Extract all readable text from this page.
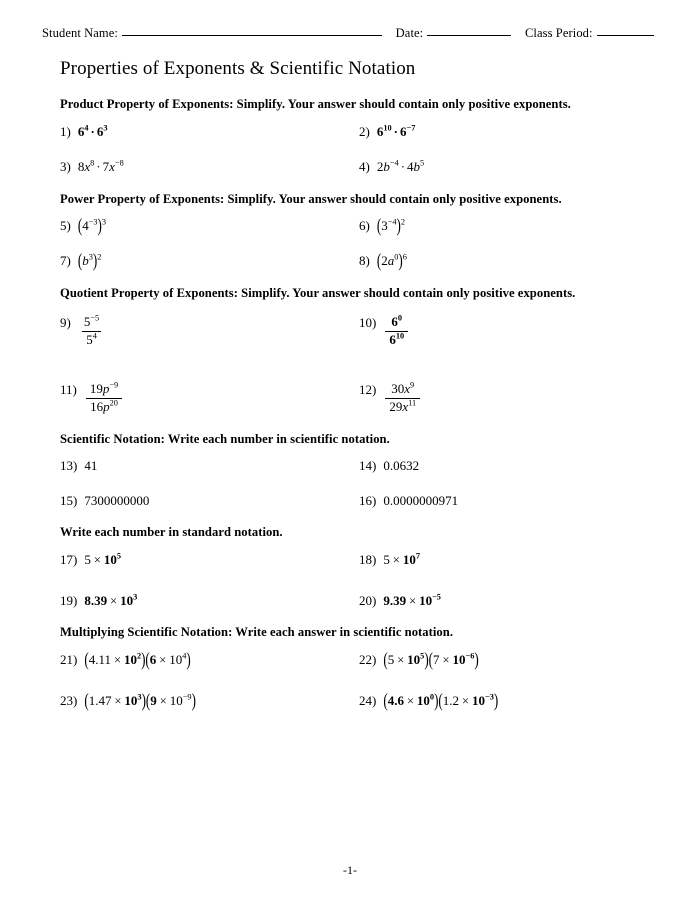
Student Name:	Date:	Class Period:
Properties of Exponents & Scientific Notation
Product Property of Exponents: Simplify. Your answer should contain only positive exponents.
1) $6^4 \cdot 6^3$	2) $6^{10} \cdot 6^{-7}$
3) $8x^8 \cdot 7x^{-8}$	4) $2b^{-4} \cdot 4b^5$
Power Property of Exponents: Simplify. Your answer should contain only positive exponents.
5) $(4^{-3})^3$	6) $(3^{-4})^2$
7) $(b^3)^2$	8) $(2a^0)^6$
Quotient Property of Exponents: Simplify. Your answer should contain only positive exponents.
$9) \frac{5^{-5}}{5^4}$	$10) \frac{6^0}{6^{10}}$
$11) \frac{19p^{-9}}{16p^{20}}$	$12) \frac{30x^9}{29x^{11}}$
Scientific Notation: Write each number in scientific notation.
13) 41	14) 0.0632
15) 7300000000	16) 0.0000000971
Write each number in standard notation.
17) $5 \times 10^5$	18) $5 \times 10^7$
19) $8.39 \times 10^3$	20) $9.39 \times 10^{-5}$
Multiplying Scientific Notation: Write each answer in scientific notation.
21) $(4.11 \times 10^2)(6 \times 10^4)$	22) $(5 \times 10^5)(7 \times 10^{-6})$
23) $(1.47 \times 10^3)(9 \times 10^{-9})$	24) $(4.6 \times 10^0)(1.2 \times 10^{-3})$
-1-
